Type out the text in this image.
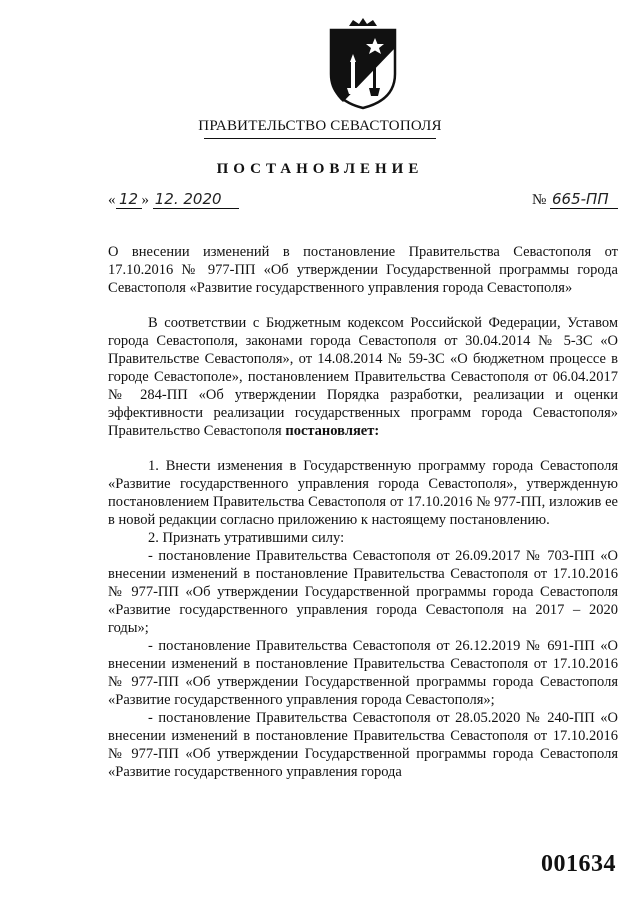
ПРАВИТЕЛЬСТВО СЕВАСТОПОЛЯ
ПОСТАНОВЛЕНИЕ
« 12 » 12. 2020	№ 665-ПП

О внесении изменений в постановление Правительства Севастополя от 17.10.2016 № 977-ПП «Об утверждении Государственной программы города Севастополя «Развитие государственного управления города Севастополя»

В соответствии с Бюджетным кодексом Российской Федерации, Уставом города Севастополя, законами города Севастополя от 30.04.2014 № 5-ЗС «О Правительстве Севастополя», от 14.08.2014 № 59-ЗС «О бюджетном процессе в городе Севастополе», постановлением Правительства Севастополя от 06.04.2017 № 284-ПП «Об утверждении Порядка разработки, реализации и оценки эффективности реализации государственных программ города Севастополя» Правительство Севастополя постановляет:

1. Внести изменения в Государственную программу города Севастополя «Развитие государственного управления города Севастополя», утвержденную постановлением Правительства Севастополя от 17.10.2016 № 977-ПП, изложив ее в новой редакции согласно приложению к настоящему постановлению.

2. Признать утратившими силу:

- постановление Правительства Севастополя от 26.09.2017 № 703-ПП «О внесении изменений в постановление Правительства Севастополя от 17.10.2016 № 977-ПП «Об утверждении Государственной программы города Севастополя «Развитие государственного управления города Севастополя на 2017 – 2020 годы»;

- постановление Правительства Севастополя от 26.12.2019 № 691-ПП «О внесении изменений в постановление Правительства Севастополя от 17.10.2016 № 977-ПП «Об утверждении Государственной программы города Севастополя «Развитие государственного управления города Севастополя»;

- постановление Правительства Севастополя от 28.05.2020 № 240-ПП «О внесении изменений в постановление Правительства Севастополя от 17.10.2016 № 977-ПП «Об утверждении Государственной программы города Севастополя «Развитие государственного управления города

001634
